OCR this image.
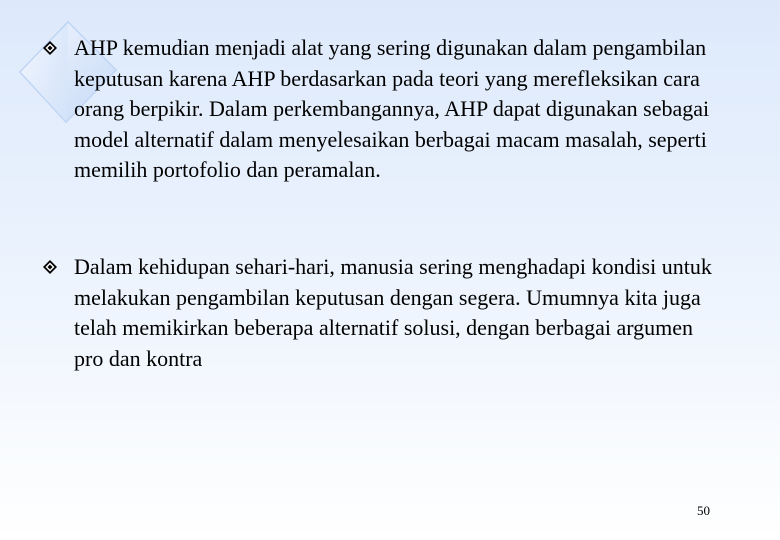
AHP kemudian menjadi alat yang sering digunakan dalam pengambilan keputusan karena AHP berdasarkan pada teori yang merefleksikan cara orang berpikir. Dalam perkembangannya, AHP dapat digunakan sebagai model alternatif dalam menyelesaikan berbagai macam masalah, seperti memilih portofolio dan peramalan.

Dalam kehidupan sehari-hari, manusia sering menghadapi kondisi untuk melakukan pengambilan keputusan dengan segera. Umumnya kita juga telah memikirkan beberapa alternatif solusi, dengan berbagai argumen pro dan kontra

50
